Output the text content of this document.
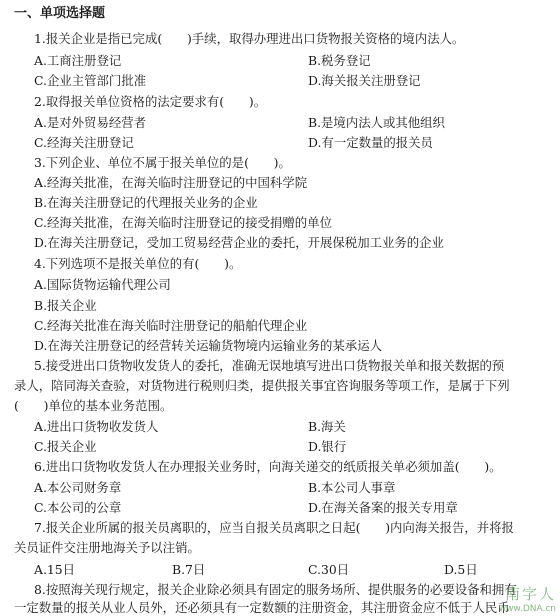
一、单项选择题
1.报关企业是指已完成(　　)手续，取得办理进出口货物报关资格的境内法人。
A.工商注册登记	B.税务登记
C.企业主管部门批准	D.海关报关注册登记
2.取得报关单位资格的法定要求有(　　)。
A.是对外贸易经营者	B.是境内法人或其他组织
C.经海关注册登记	D.有一定数量的报关员
3.下列企业、单位不属于报关单位的是(　　)。
A.经海关批准，在海关临时注册登记的中国科学院
B.在海关注册登记的代理报关业务的企业
C.经海关批准，在海关临时注册登记的接受捐赠的单位
D.在海关注册登记，受加工贸易经营企业的委托，开展保税加工业务的企业
4.下列选项不是报关单位的有(　　)。
A.国际货物运输代理公司
B.报关企业
C.经海关批准在海关临时注册登记的船舶代理企业
D.在海关注册登记的经营转关运输货物境内运输业务的某承运人
5.接受进出口货物收发货人的委托，准确无误地填写进出口货物报关单和报关数据的预
录人，陪同海关查验，对货物进行税则归类，提供报关事宜咨询服务等项工作，是属于下列
(　　)单位的基本业务范围。
A.进出口货物收发货人	B.海关
C.报关企业	D.银行
6.进出口货物收发货人在办理报关业务时，向海关递交的纸质报关单必须加盖(　　)。
A.本公司财务章	B.本公司人事章
C.本公司的公章	D.在海关备案的报关专用章
7.报关企业所属的报关员离职的，应当自报关员离职之日起(　　)内向海关报告，并将报
关员证件交注册地海关予以注销。
A.15日	B.7日	C.30日	D.5日
8.按照海关现行规定，报关企业除必须具有固定的服务场所、提供服务的必要设备和拥有
一定数量的报关从业人员外，还必须具有一定数额的注册资金，其注册资金应不低于人民币
南字人
www.DNA.cn
